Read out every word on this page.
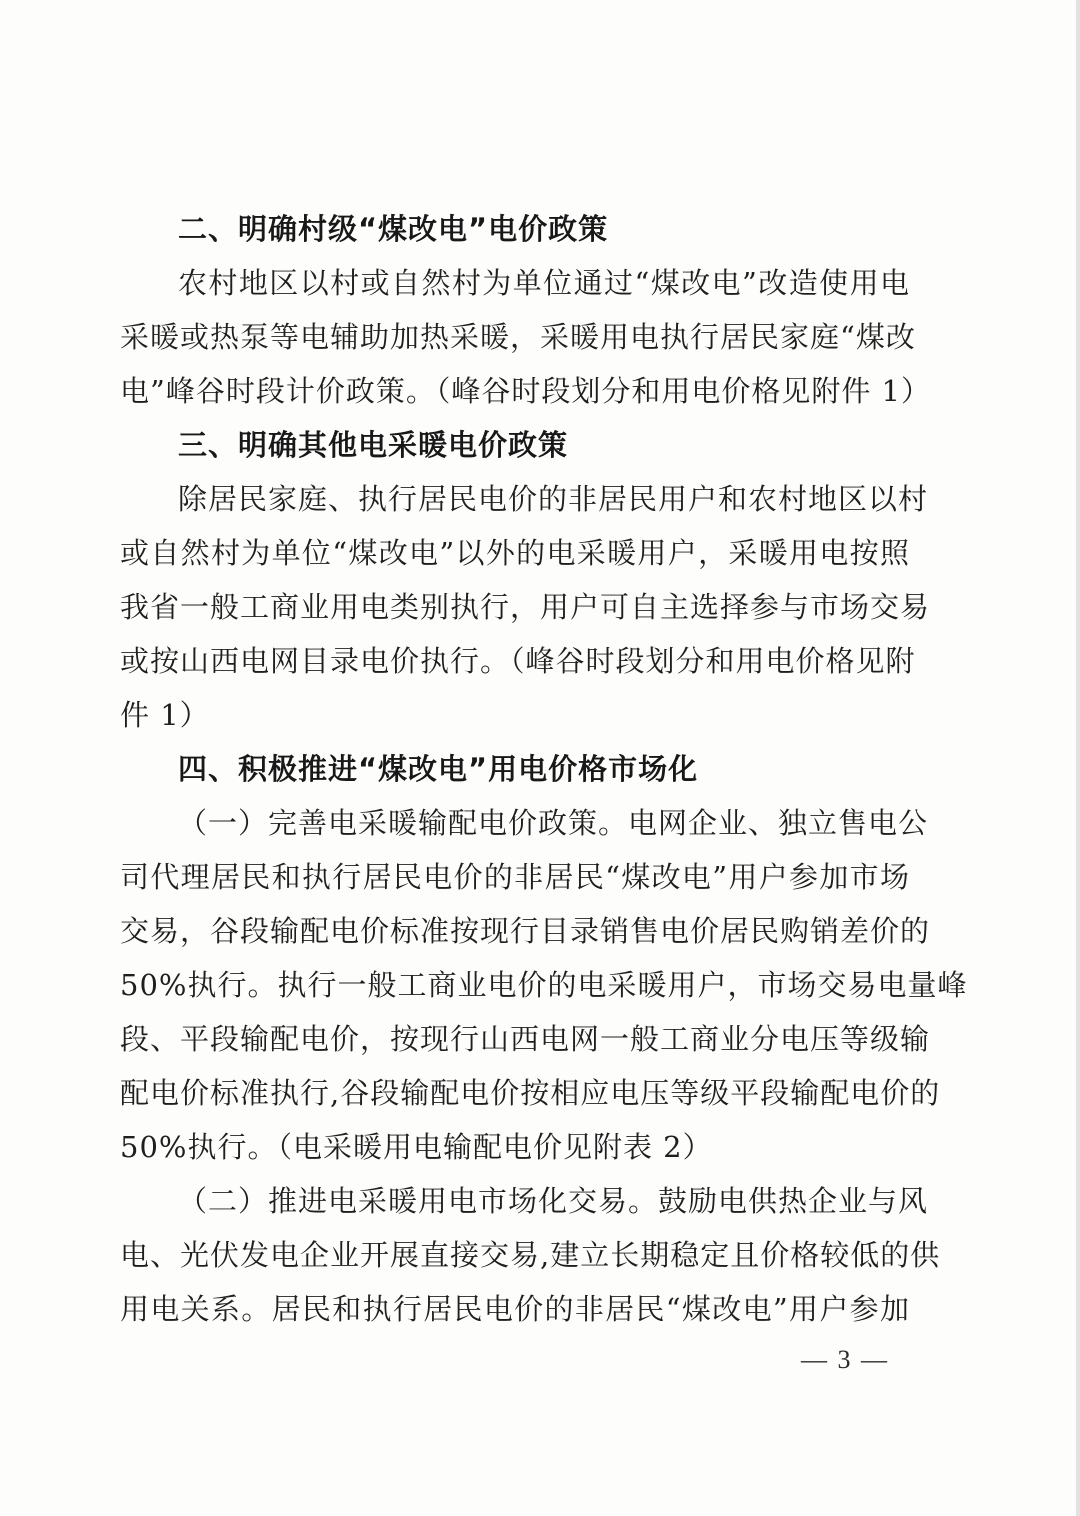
二、明确村级“煤改电”电价政策
农村地区以村或自然村为单位通过“煤改电”改造使用电
采暖或热泵等电辅助加热采暖，采暖用电执行居民家庭“煤改
电”峰谷时段计价政策。（峰谷时段划分和用电价格见附件 1）
三、明确其他电采暖电价政策
除居民家庭、执行居民电价的非居民用户和农村地区以村
或自然村为单位“煤改电”以外的电采暖用户，采暖用电按照
我省一般工商业用电类别执行，用户可自主选择参与市场交易
或按山西电网目录电价执行。（峰谷时段划分和用电价格见附
件 1）
四、积极推进“煤改电”用电价格市场化
（一）完善电采暖输配电价政策。电网企业、独立售电公
司代理居民和执行居民电价的非居民“煤改电”用户参加市场
交易，谷段输配电价标准按现行目录销售电价居民购销差价的
50%执行。执行一般工商业电价的电采暖用户，市场交易电量峰
段、平段输配电价，按现行山西电网一般工商业分电压等级输
配电价标准执行,谷段输配电价按相应电压等级平段输配电价的
50%执行。（电采暖用电输配电价见附表 2）
（二）推进电采暖用电市场化交易。鼓励电供热企业与风
电、光伏发电企业开展直接交易,建立长期稳定且价格较低的供
用电关系。居民和执行居民电价的非居民“煤改电”用户参加
— 3 —
